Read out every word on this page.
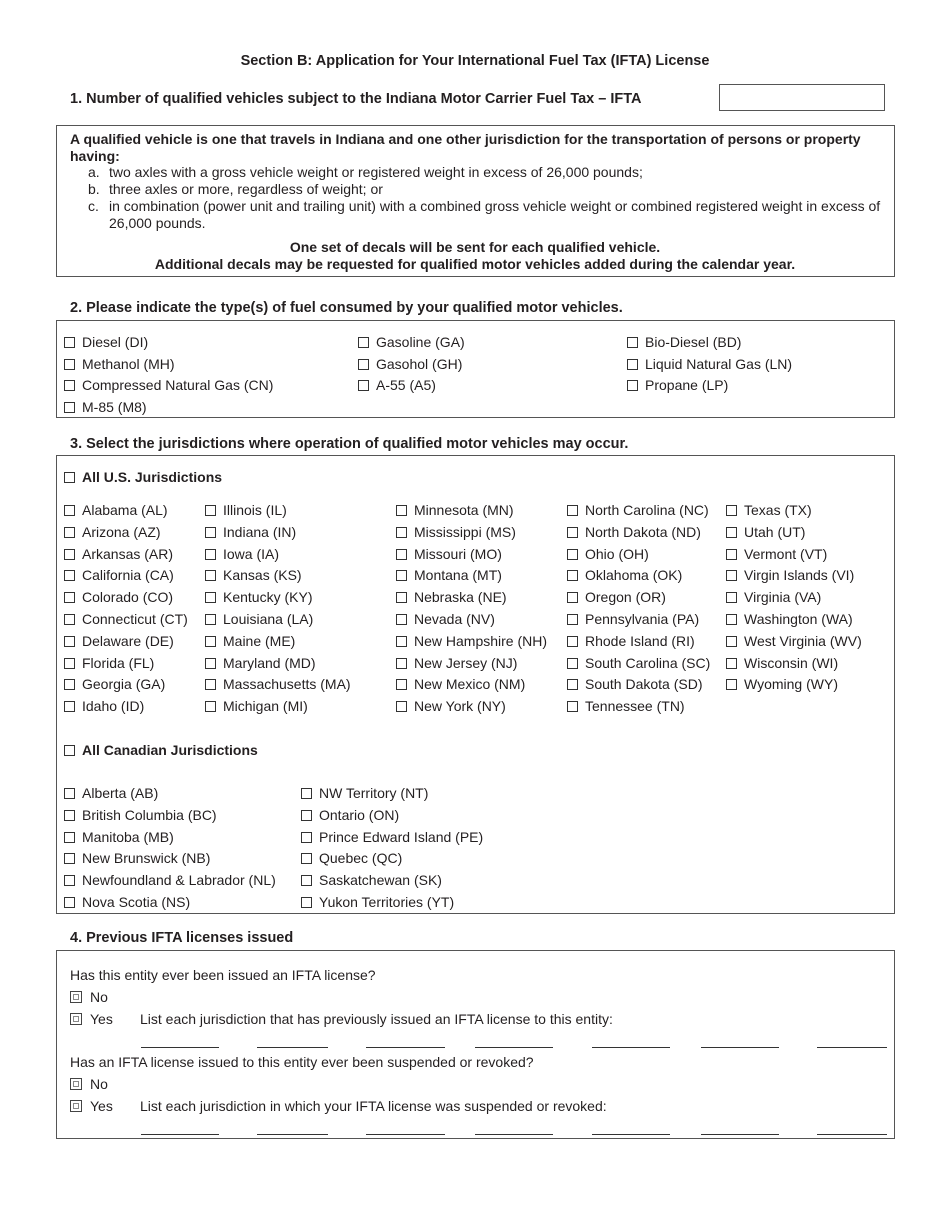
Section B: Application for Your International Fuel Tax (IFTA) License
1. Number of qualified vehicles subject to the Indiana Motor Carrier Fuel Tax – IFTA
A qualified vehicle is one that travels in Indiana and one other jurisdiction for the transportation of persons or property having:
a. two axles with a gross vehicle weight or registered weight in excess of 26,000 pounds;
b. three axles or more, regardless of weight; or
c. in combination (power unit and trailing unit) with a combined gross vehicle weight or combined registered weight in excess of
26,000 pounds.
One set of decals will be sent for each qualified vehicle.
Additional decals may be requested for qualified motor vehicles added during the calendar year.
2. Please indicate the type(s) of fuel consumed by your qualified motor vehicles.
Diesel (DI)
Methanol (MH)
Compressed Natural Gas (CN)
M-85 (M8)
Gasoline (GA)
Gasohol (GH)
A-55 (A5)
Bio-Diesel (BD)
Liquid Natural Gas (LN)
Propane (LP)
3. Select the jurisdictions where operation of qualified motor vehicles may occur.
All U.S. Jurisdictions
Alabama (AL)
Arizona (AZ)
Arkansas (AR)
California (CA)
Colorado (CO)
Connecticut (CT)
Delaware (DE)
Florida (FL)
Georgia (GA)
Idaho (ID)
Illinois (IL)
Indiana (IN)
Iowa (IA)
Kansas (KS)
Kentucky (KY)
Louisiana (LA)
Maine (ME)
Maryland (MD)
Massachusetts (MA)
Michigan (MI)
Minnesota (MN)
Mississippi (MS)
Missouri (MO)
Montana (MT)
Nebraska (NE)
Nevada (NV)
New Hampshire (NH)
New Jersey (NJ)
New Mexico (NM)
New York (NY)
North Carolina (NC)
North Dakota (ND)
Ohio (OH)
Oklahoma (OK)
Oregon (OR)
Pennsylvania (PA)
Rhode Island (RI)
South Carolina (SC)
South Dakota (SD)
Tennessee (TN)
Texas (TX)
Utah (UT)
Vermont (VT)
Virgin Islands (VI)
Virginia (VA)
Washington (WA)
West Virginia (WV)
Wisconsin (WI)
Wyoming (WY)
All Canadian Jurisdictions
Alberta (AB)
British Columbia (BC)
Manitoba (MB)
New Brunswick (NB)
Newfoundland & Labrador (NL)
Nova Scotia (NS)
NW Territory (NT)
Ontario (ON)
Prince Edward Island (PE)
Quebec (QC)
Saskatchewan (SK)
Yukon Territories (YT)
4. Previous IFTA licenses issued
Has this entity ever been issued an IFTA license?
No
Yes List each jurisdiction that has previously issued an IFTA license to this entity:
Has an IFTA license issued to this entity ever been suspended or revoked?
No
Yes List each jurisdiction in which your IFTA license was suspended or revoked:
